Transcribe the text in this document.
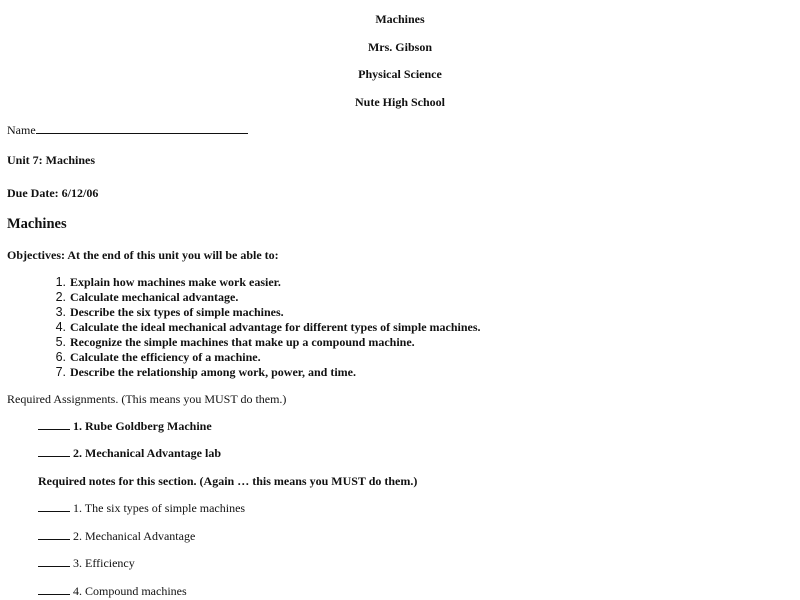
Machines
Mrs. Gibson
Physical Science
Nute High School
Name
Unit 7: Machines
Due Date: 6/12/06
Machines
Objectives: At the end of this unit you will be able to:
1. Explain how machines make work easier.
2. Calculate mechanical advantage.
3. Describe the six types of simple machines.
4. Calculate the ideal mechanical advantage for different types of simple machines.
5. Recognize the simple machines that make up a compound machine.
6. Calculate the efficiency of a machine.
7. Describe the relationship among work, power, and time.
Required Assignments. (This means you MUST do them.)
1. Rube Goldberg Machine
2. Mechanical Advantage lab
Required notes for this section. (Again … this means you MUST do them.)
1. The six types of simple machines
2. Mechanical Advantage
3. Efficiency
4. Compound machines
